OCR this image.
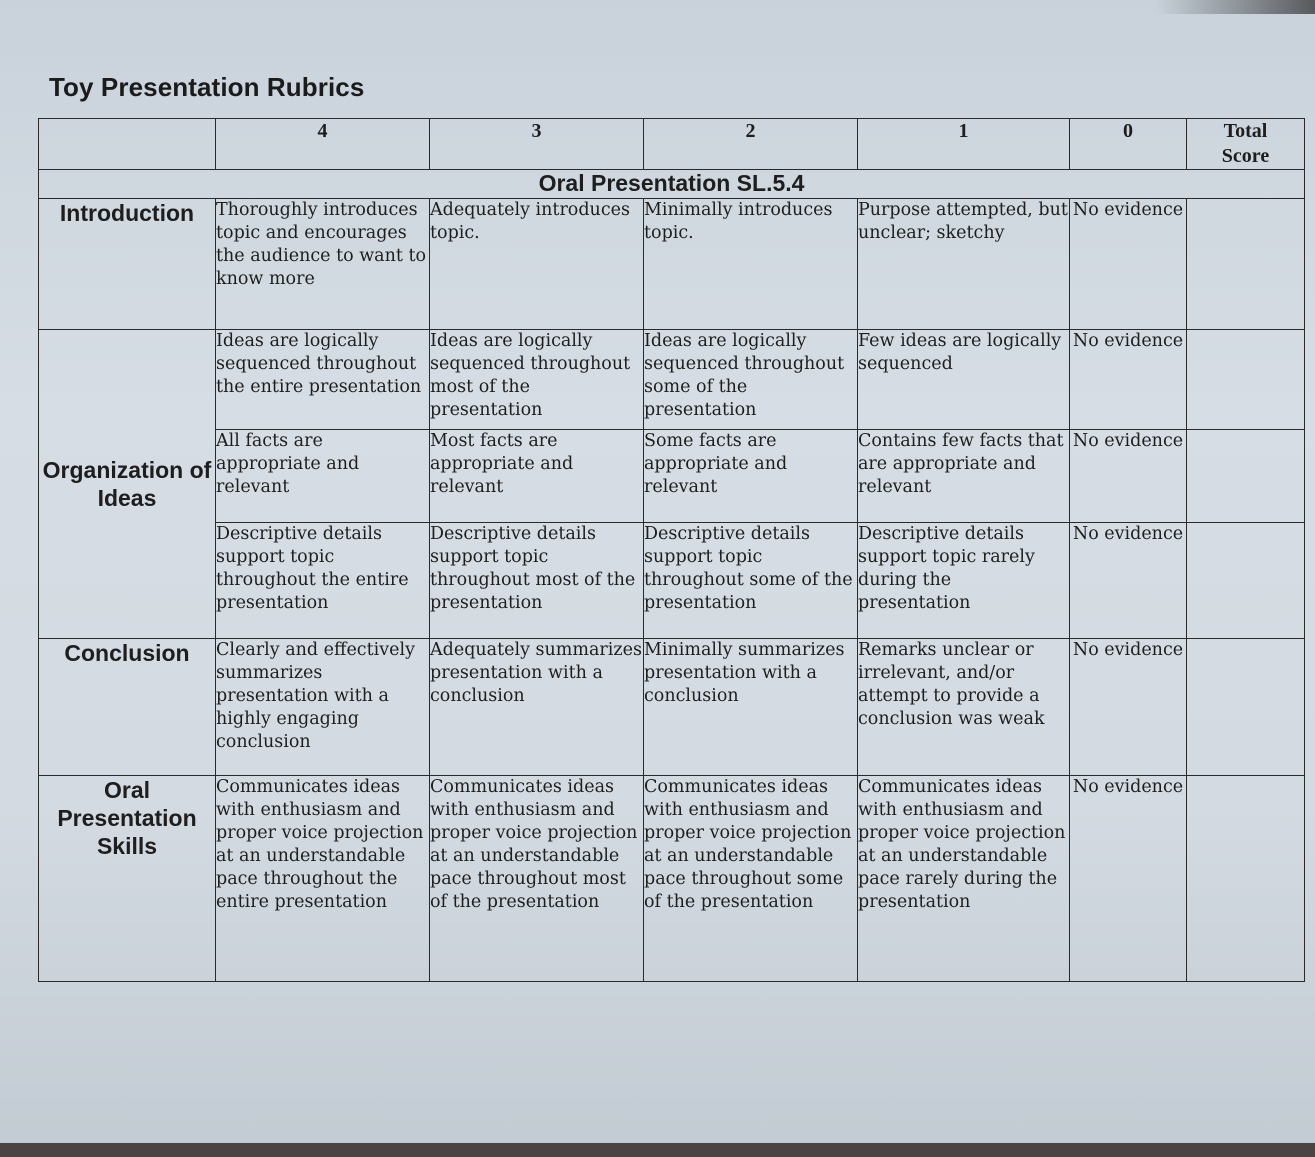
Toy Presentation Rubrics
	4	3	2	1	0	Total Score
Oral Presentation SL.5.4						
Introduction	Thoroughly introduces topic and encourages the audience to want to know more	Adequately introduces topic.	Minimally introduces topic.	Purpose attempted, but unclear; sketchy	No evidence	
Organization of Ideas	Ideas are logically sequenced throughout the entire presentation	Ideas are logically sequenced throughout most of the presentation	Ideas are logically sequenced throughout some of the presentation	Few ideas are logically sequenced	No evidence	
	All facts are appropriate and relevant	Most facts are appropriate and relevant	Some facts are appropriate and relevant	Contains few facts that are appropriate and relevant	No evidence	
	Descriptive details support topic throughout the entire presentation	Descriptive details support topic throughout most of the presentation	Descriptive details support topic throughout some of the presentation	Descriptive details support topic rarely during the presentation	No evidence	
Conclusion	Clearly and effectively summarizes presentation with a highly engaging conclusion	Adequately summarizes presentation with a conclusion	Minimally summarizes presentation with a conclusion	Remarks unclear or irrelevant, and/or attempt to provide a conclusion was weak	No evidence	
Oral Presentation Skills	Communicates ideas with enthusiasm and proper voice projection at an understandable pace throughout the entire presentation	Communicates ideas with enthusiasm and proper voice projection at an understandable pace throughout most of the presentation	Communicates ideas with enthusiasm and proper voice projection at an understandable pace throughout some of the presentation	Communicates ideas with enthusiasm and proper voice projection at an understandable pace rarely during the presentation	No evidence	
